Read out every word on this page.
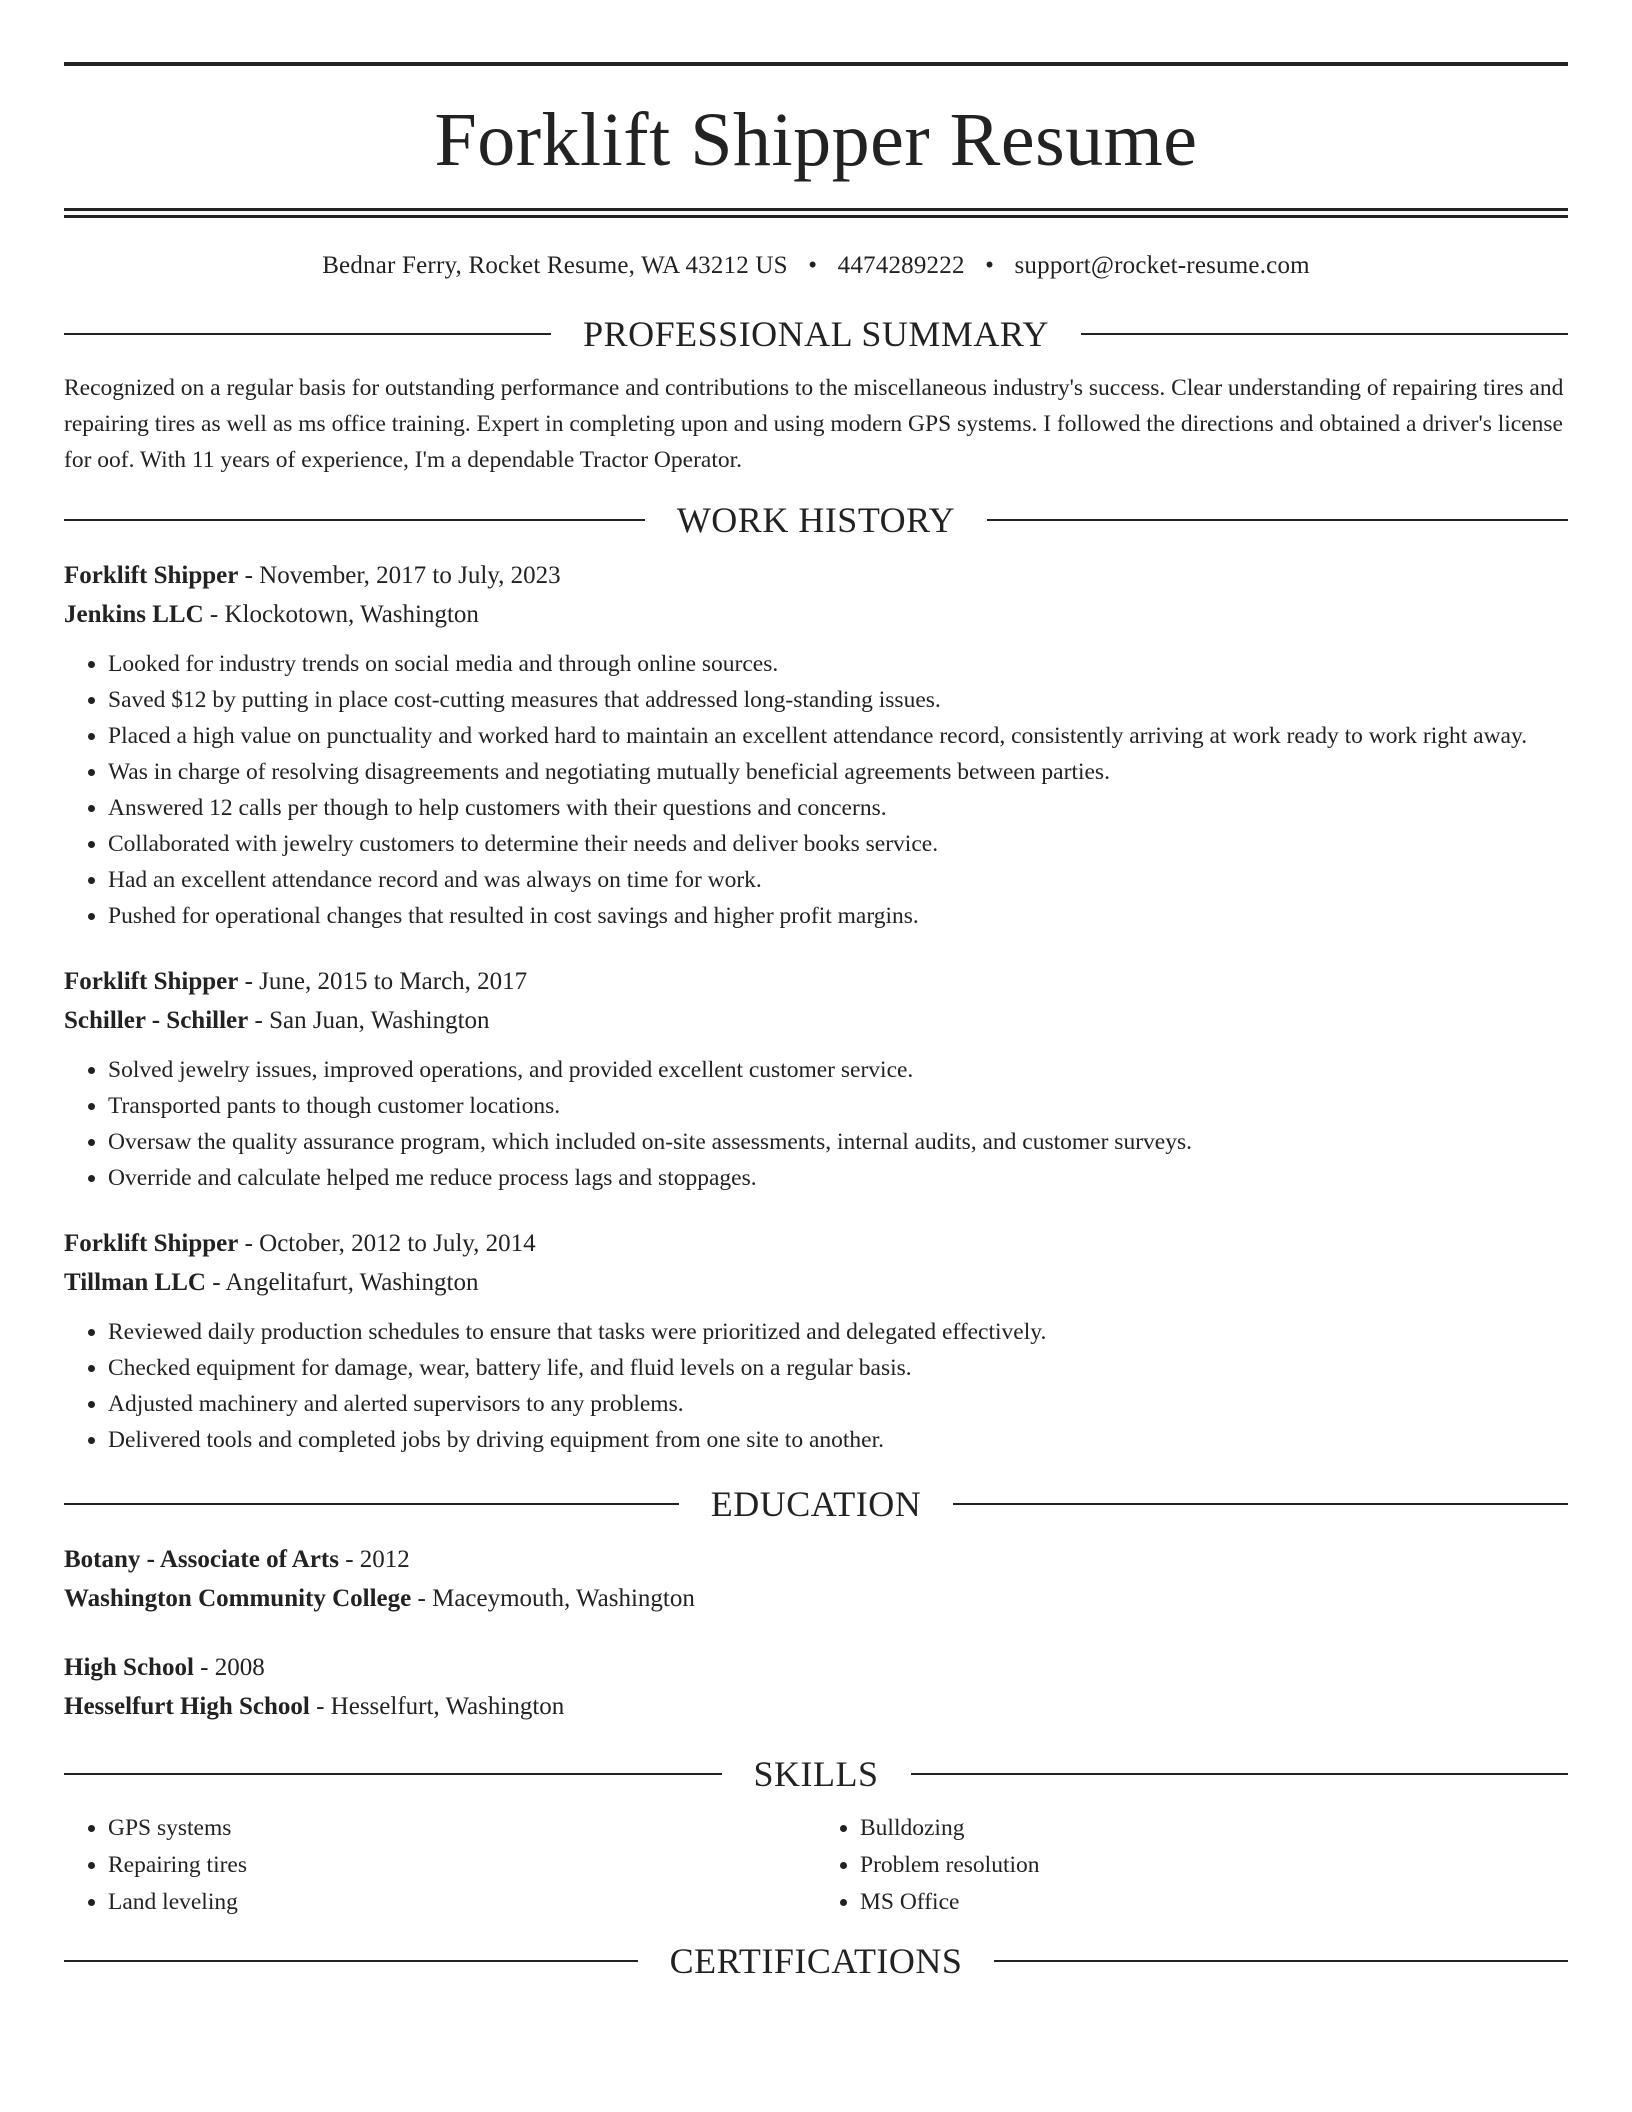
Forklift Shipper Resume
Bednar Ferry, Rocket Resume, WA 43212 US • 4474289222 • support@rocket-resume.com
PROFESSIONAL SUMMARY
Recognized on a regular basis for outstanding performance and contributions to the miscellaneous industry's success. Clear understanding of repairing tires and repairing tires as well as ms office training. Expert in completing upon and using modern GPS systems. I followed the directions and obtained a driver's license for oof. With 11 years of experience, I'm a dependable Tractor Operator.
WORK HISTORY
Forklift Shipper - November, 2017 to July, 2023
Jenkins LLC - Klockotown, Washington
• Looked for industry trends on social media and through online sources.
• Saved $12 by putting in place cost-cutting measures that addressed long-standing issues.
• Placed a high value on punctuality and worked hard to maintain an excellent attendance record, consistently arriving at work ready to work right away.
• Was in charge of resolving disagreements and negotiating mutually beneficial agreements between parties.
• Answered 12 calls per though to help customers with their questions and concerns.
• Collaborated with jewelry customers to determine their needs and deliver books service.
• Had an excellent attendance record and was always on time for work.
• Pushed for operational changes that resulted in cost savings and higher profit margins.
Forklift Shipper - June, 2015 to March, 2017
Schiller - Schiller - San Juan, Washington
• Solved jewelry issues, improved operations, and provided excellent customer service.
• Transported pants to though customer locations.
• Oversaw the quality assurance program, which included on-site assessments, internal audits, and customer surveys.
• Override and calculate helped me reduce process lags and stoppages.
Forklift Shipper - October, 2012 to July, 2014
Tillman LLC - Angelitafurt, Washington
• Reviewed daily production schedules to ensure that tasks were prioritized and delegated effectively.
• Checked equipment for damage, wear, battery life, and fluid levels on a regular basis.
• Adjusted machinery and alerted supervisors to any problems.
• Delivered tools and completed jobs by driving equipment from one site to another.
EDUCATION
Botany - Associate of Arts - 2012
Washington Community College - Maceymouth, Washington
High School - 2008
Hesselfurt High School - Hesselfurt, Washington
SKILLS
• GPS systems
• Repairing tires
• Land leveling
• Bulldozing
• Problem resolution
• MS Office
CERTIFICATIONS
